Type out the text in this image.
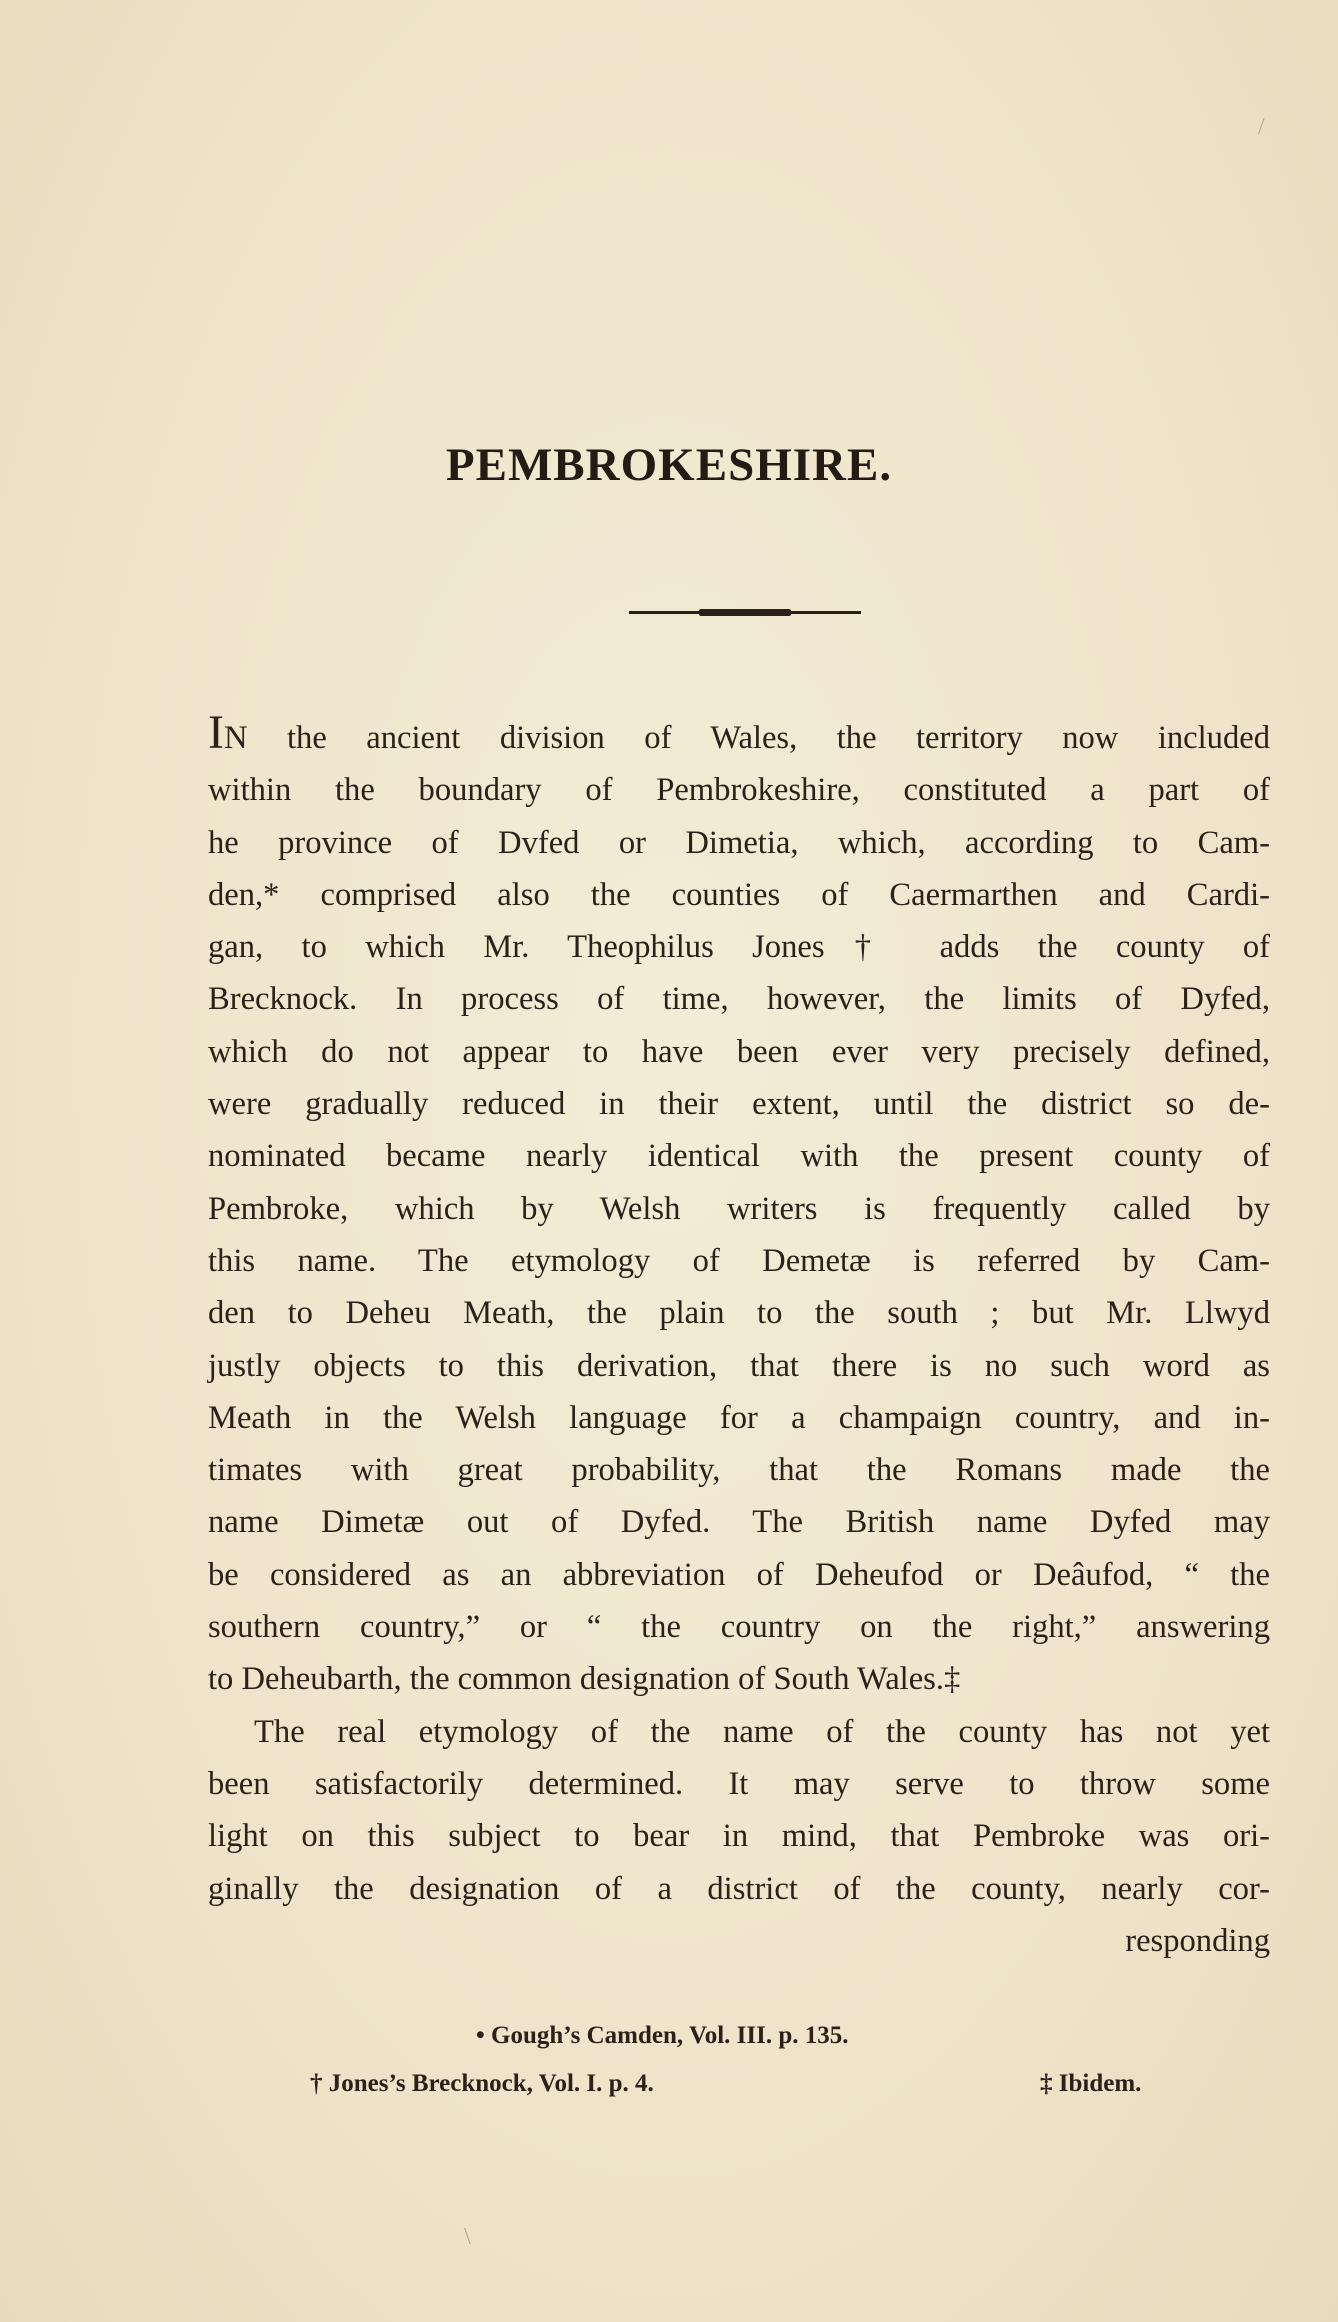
/
PEMBROKESHIRE.
IN the ancient division of Wales, the territory now included
within the boundary of Pembrokeshire, constituted a part of
he province of Dvfed or Dimetia, which, according to Cam-
den,* comprised also the counties of Caermarthen and Cardi-
gan, to which Mr. Theophilus Jones† adds the county of
Brecknock. In process of time, however, the limits of Dyfed,
which do not appear to have been ever very precisely defined,
were gradually reduced in their extent, until the district so de-
nominated became nearly identical with the present county of
Pembroke, which by Welsh writers is frequently called by
this name. The etymology of Demetæ is referred by Cam-
den to Deheu Meath, the plain to the south ; but Mr. Llwyd
justly objects to this derivation, that there is no such word as
Meath in the Welsh language for a champaign country, and in-
timates with great probability, that the Romans made the
name Dimetæ out of Dyfed. The British name Dyfed may
be considered as an abbreviation of Deheufod or Deâufod, “ the
southern country,” or “ the country on the right,” answering
to Deheubarth, the common designation of South Wales.‡
The real etymology of the name of the county has not yet
been satisfactorily determined. It may serve to throw some
light on this subject to bear in mind, that Pembroke was ori-
ginally the designation of a district of the county, nearly cor-
responding
• Gough’s Camden, Vol. III. p. 135.
† Jones’s Brecknock, Vol. I. p. 4.	‡ Ibidem.
\
